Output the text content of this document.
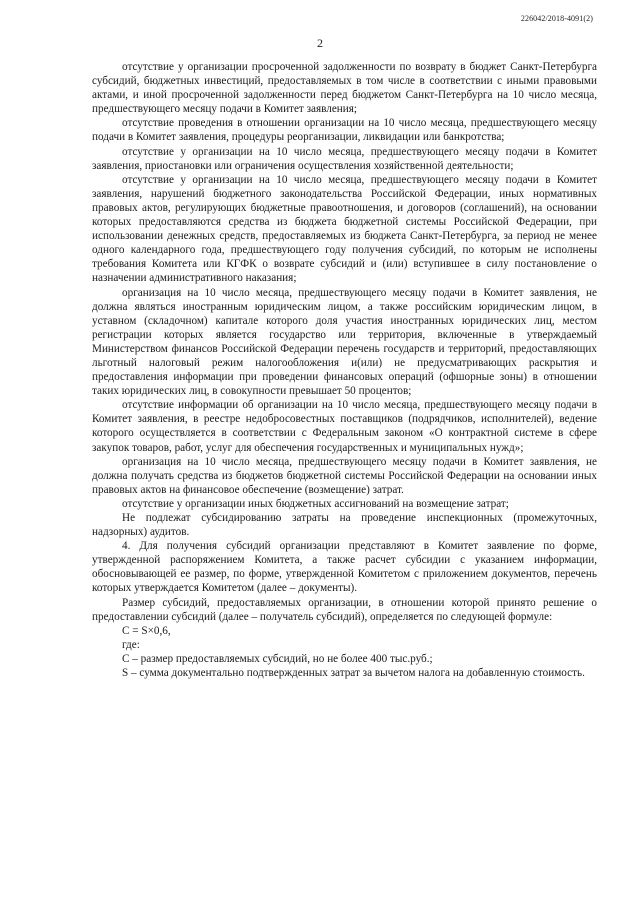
226042/2018-4091(2)
2

отсутствие у организации просроченной задолженности по возврату в бюджет Санкт-Петербурга субсидий, бюджетных инвестиций, предоставляемых в том числе в соответствии с иными правовыми актами, и иной просроченной задолженности перед бюджетом Санкт-Петербурга на 10 число месяца, предшествующего месяцу подачи в Комитет заявления;

отсутствие проведения в отношении организации на 10 число месяца, предшествующего месяцу подачи в Комитет заявления, процедуры реорганизации, ликвидации или банкротства;

отсутствие у организации на 10 число месяца, предшествующего месяцу подачи в Комитет заявления, приостановки или ограничения осуществления хозяйственной деятельности;

отсутствие у организации на 10 число месяца, предшествующего месяцу подачи в Комитет заявления, нарушений бюджетного законодательства Российской Федерации, иных нормативных правовых актов, регулирующих бюджетные правоотношения, и договоров (соглашений), на основании которых предоставляются средства из бюджета бюджетной системы Российской Федерации, при использовании денежных средств, предоставляемых из бюджета Санкт-Петербурга, за период не менее одного календарного года, предшествующего году получения субсидий, по которым не исполнены требования Комитета или КГФК о возврате субсидий и (или) вступившее в силу постановление о назначении административного наказания;

организация на 10 число месяца, предшествующего месяцу подачи в Комитет заявления, не должна являться иностранным юридическим лицом, а также российским юридическим лицом, в уставном (складочном) капитале которого доля участия иностранных юридических лиц, местом регистрации которых является государство или территория, включенные в утверждаемый Министерством финансов Российской Федерации перечень государств и территорий, предоставляющих льготный налоговый режим налогообложения и(или) не предусматривающих раскрытия и предоставления информации при проведении финансовых операций (офшорные зоны) в отношении таких юридических лиц, в совокупности превышает 50 процентов;

отсутствие информации об организации на 10 число месяца, предшествующего месяцу подачи в Комитет заявления, в реестре недобросовестных поставщиков (подрядчиков, исполнителей), ведение которого осуществляется в соответствии с Федеральным законом «О контрактной системе в сфере закупок товаров, работ, услуг для обеспечения государственных и муниципальных нужд»;

организация на 10 число месяца, предшествующего месяцу подачи в Комитет заявления, не должна получать средства из бюджетов бюджетной системы Российской Федерации на основании иных правовых актов на финансовое обеспечение (возмещение) затрат.

отсутствие у организации иных бюджетных ассигнований на возмещение затрат;

Не подлежат субсидированию затраты на проведение инспекционных (промежуточных, надзорных) аудитов.

4. Для получения субсидий организации представляют в Комитет заявление по форме, утвержденной распоряжением Комитета, а также расчет субсидии с указанием информации, обосновывающей ее размер, по форме, утвержденной Комитетом с приложением документов, перечень которых утверждается Комитетом (далее – документы).

Размер субсидий, предоставляемых организации, в отношении которой принято решение о предоставлении субсидий (далее – получатель субсидий), определяется по следующей формуле:

С = S×0,6,

где:

С – размер предоставляемых субсидий, но не более 400 тыс.руб.;

S – сумма документально подтвержденных затрат за вычетом налога на добавленную стоимость.
